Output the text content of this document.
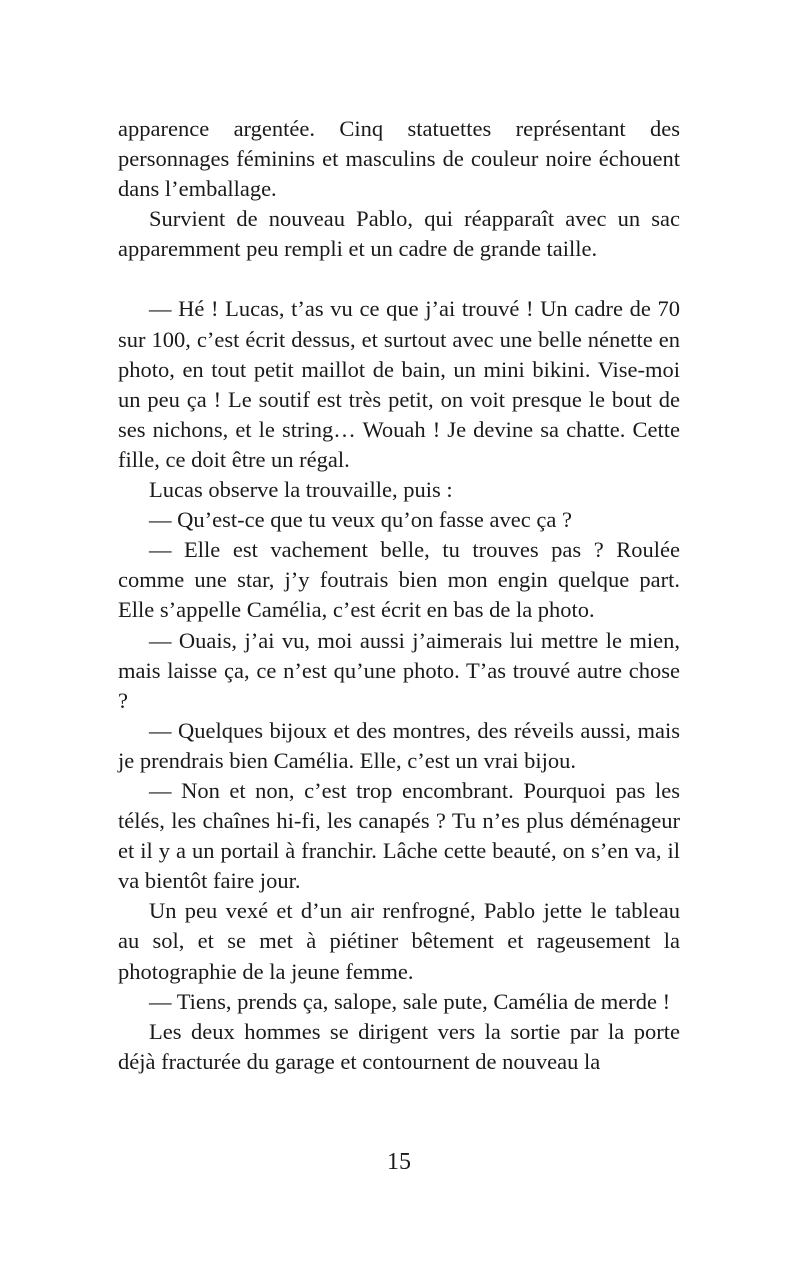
apparence argentée. Cinq statuettes représentant des personnages féminins et masculins de couleur noire échouent dans l’emballage.

Survient de nouveau Pablo, qui réapparaît avec un sac apparemment peu rempli et un cadre de grande taille.

— Hé ! Lucas, t’as vu ce que j’ai trouvé ! Un cadre de 70 sur 100, c’est écrit dessus, et surtout avec une belle nénette en photo, en tout petit maillot de bain, un mini bikini. Vise-moi un peu ça ! Le soutif est très petit, on voit presque le bout de ses nichons, et le string… Wouah ! Je devine sa chatte. Cette fille, ce doit être un régal.

Lucas observe la trouvaille, puis :

— Qu’est-ce que tu veux qu’on fasse avec ça ?

— Elle est vachement belle, tu trouves pas ? Roulée comme une star, j’y foutrais bien mon engin quelque part. Elle s’appelle Camélia, c’est écrit en bas de la photo.

— Ouais, j’ai vu, moi aussi j’aimerais lui mettre le mien, mais laisse ça, ce n’est qu’une photo. T’as trouvé autre chose ?

— Quelques bijoux et des montres, des réveils aussi, mais je prendrais bien Camélia. Elle, c’est un vrai bijou.

— Non et non, c’est trop encombrant. Pourquoi pas les télés, les chaînes hi-fi, les canapés ? Tu n’es plus déménageur et il y a un portail à franchir. Lâche cette beauté, on s’en va, il va bientôt faire jour.

Un peu vexé et d’un air renfrogné, Pablo jette le tableau au sol, et se met à piétiner bêtement et rageusement la photographie de la jeune femme.

— Tiens, prends ça, salope, sale pute, Camélia de merde !

Les deux hommes se dirigent vers la sortie par la porte déjà fracturée du garage et contournent de nouveau la

15
